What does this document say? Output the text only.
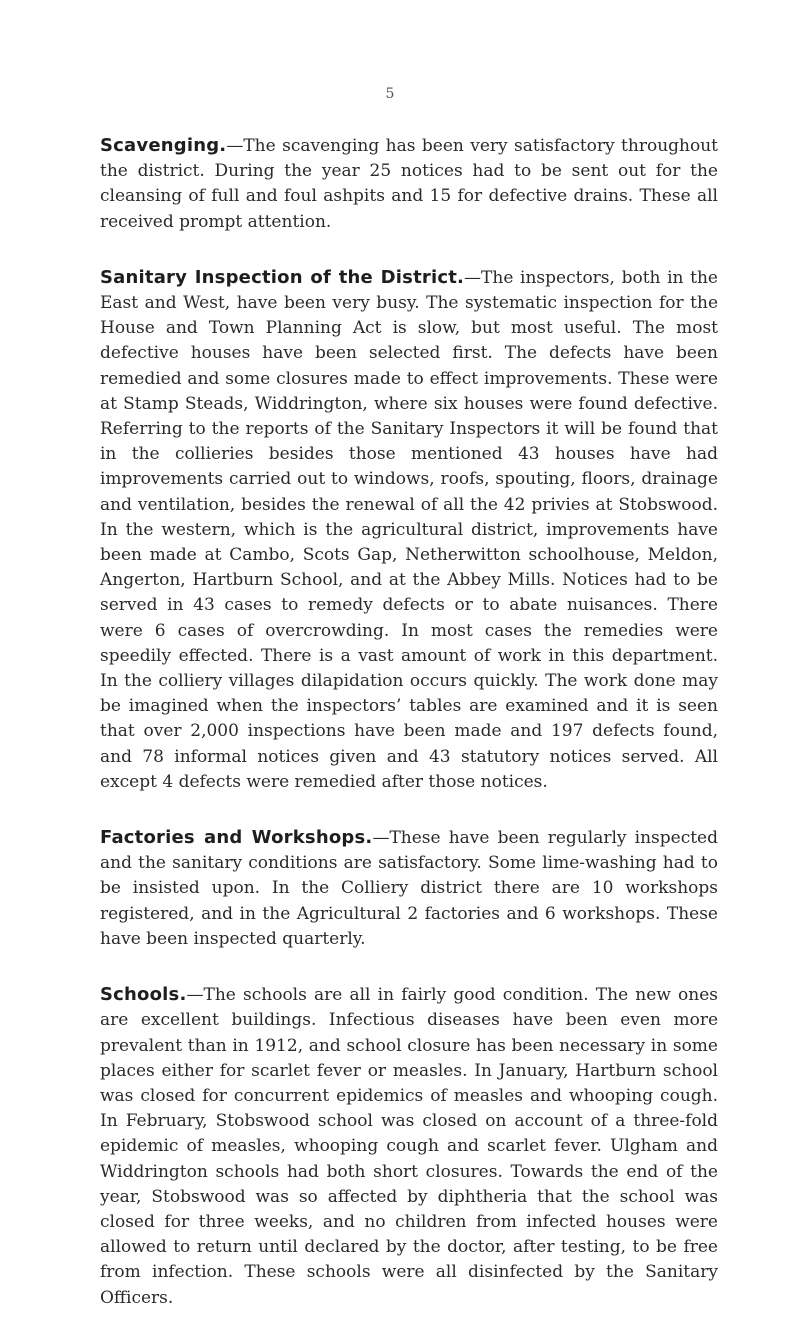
5

Scavenging.—The scavenging has been very satisfactory throughout the district. During the year 25 notices had to be sent out for the cleansing of full and foul ashpits and 15 for defective drains. These all received prompt attention.

Sanitary Inspection of the District.—The inspectors, both in the East and West, have been very busy. The systematic inspection for the House and Town Planning Act is slow, but most useful. The most defective houses have been selected first. The defects have been remedied and some closures made to effect improvements. These were at Stamp Steads, Widdrington, where six houses were found defective. Referring to the reports of the Sanitary Inspectors it will be found that in the collieries besides those mentioned 43 houses have had improvements carried out to windows, roofs, spouting, floors, drainage and ventilation, besides the renewal of all the 42 privies at Stobswood. In the western, which is the agricultural district, improvements have been made at Cambo, Scots Gap, Netherwitton schoolhouse, Meldon, Angerton, Hartburn School, and at the Abbey Mills. Notices had to be served in 43 cases to remedy defects or to abate nuisances. There were 6 cases of overcrowding. In most cases the remedies were speedily effected. There is a vast amount of work in this department. In the colliery villages dilapidation occurs quickly. The work done may be imagined when the inspectors’ tables are examined and it is seen that over 2,000 inspections have been made and 197 defects found, and 78 informal notices given and 43 statutory notices served. All except 4 defects were remedied after those notices.

Factories and Workshops.—These have been regularly inspected and the sanitary conditions are satisfactory. Some lime-washing had to be insisted upon. In the Colliery district there are 10 workshops registered, and in the Agricultural 2 factories and 6 workshops. These have been inspected quarterly.

Schools.—The schools are all in fairly good condition. The new ones are excellent buildings. Infectious diseases have been even more prevalent than in 1912, and school closure has been necessary in some places either for scarlet fever or measles. In January, Hartburn school was closed for concurrent epidemics of measles and whooping cough. In February, Stobswood school was closed on account of a three-fold epidemic of measles, whooping cough and scarlet fever. Ulgham and Widdrington schools had both short closures. Towards the end of the year, Stobswood was so affected by diphtheria that the school was closed for three weeks, and no children from infected houses were allowed to return until declared by the doctor, after testing, to be free from infection. These schools were all disinfected by the Sanitary Officers.
